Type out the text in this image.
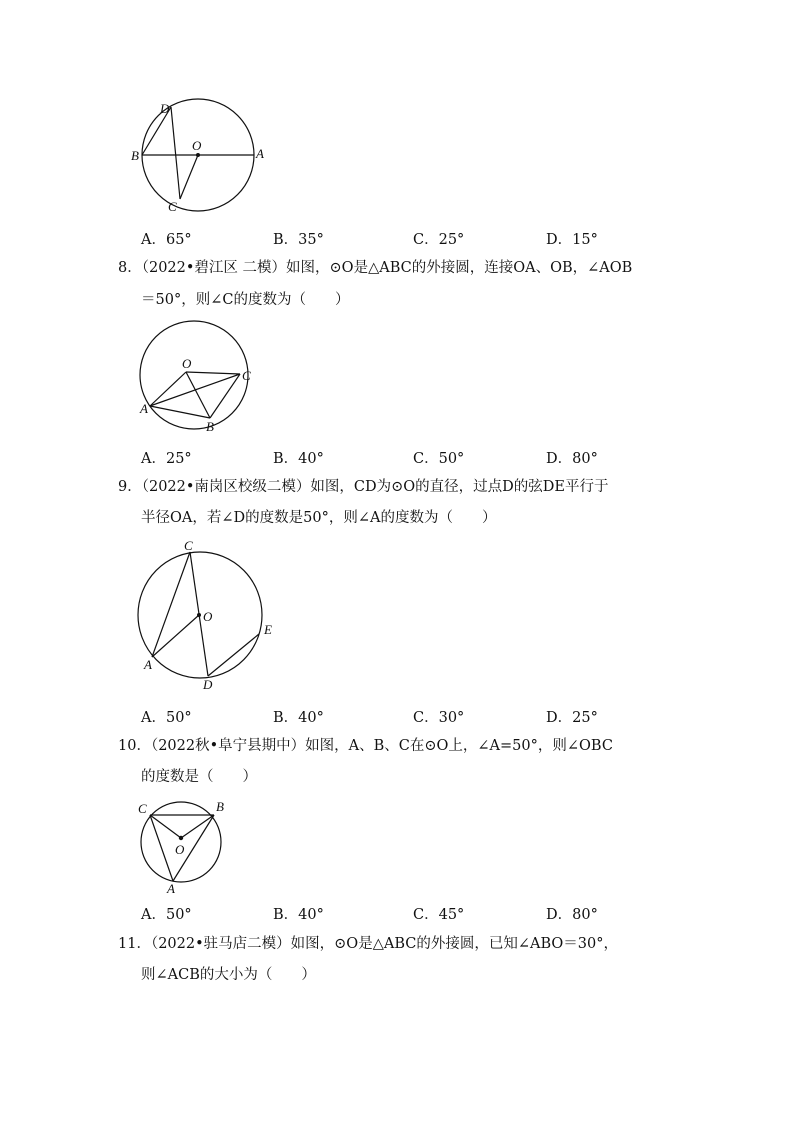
D
B
O
A
C
A．65°	B．35°	C．25°	D．15°
8．（2022•碧江区 二模）如图，⊙O是△ABC的外接圆，连接OA、OB，∠AOB
＝50°，则∠C的度数为（　　）
O
C
A
B
A．25°	B．40°	C．50°	D．80°
9．（2022•南岗区校级二模）如图，CD为⊙O的直径，过点D的弦DE平行于
半径OA，若∠D的度数是50°，则∠A的度数为（　　）
C
O
E
A
D
A．50°	B．40°	C．30°	D．25°
10．（2022秋•阜宁县期中）如图，A、B、C在⊙O上，∠A=50°，则∠OBC
的度数是（　　）
C	B
O
A
A．50°	B．40°	C．45°	D．80°
11．（2022•驻马店二模）如图，⊙O是△ABC的外接圆，已知∠ABO＝30°，
则∠ACB的大小为（　　）
